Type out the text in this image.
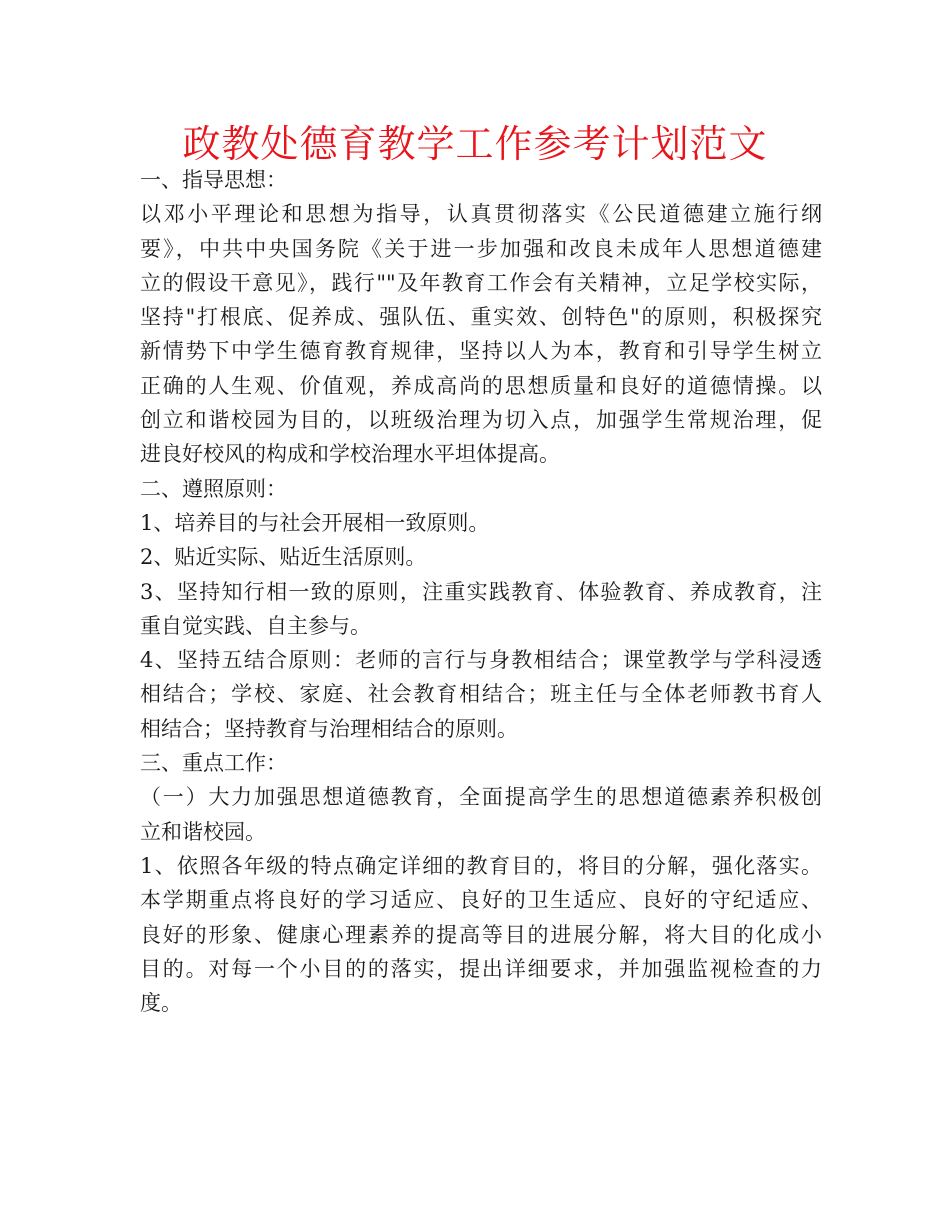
政教处德育教学工作参考计划范文
一、指导思想：
以邓小平理论和思想为指导，认真贯彻落实《公民道德建立施行纲
要》，中共中央国务院《关于进一步加强和改良未成年人思想道德建
立的假设干意见》，践行""及年教育工作会有关精神，立足学校实际，
坚持"打根底、促养成、强队伍、重实效、创特色"的原则，积极探究
新情势下中学生德育教育规律，坚持以人为本，教育和引导学生树立
正确的人生观、价值观，养成高尚的思想质量和良好的道德情操。以
创立和谐校园为目的，以班级治理为切入点，加强学生常规治理，促
进良好校风的构成和学校治理水平坦体提高。
二、遵照原则：
1、培养目的与社会开展相一致原则。
2、贴近实际、贴近生活原则。
3、坚持知行相一致的原则，注重实践教育、体验教育、养成教育，注
重自觉实践、自主参与。
4、坚持五结合原则：老师的言行与身教相结合；课堂教学与学科浸透
相结合；学校、家庭、社会教育相结合；班主任与全体老师教书育人
相结合；坚持教育与治理相结合的原则。
三、重点工作：
（一）大力加强思想道德教育，全面提高学生的思想道德素养积极创
立和谐校园。
1、依照各年级的特点确定详细的教育目的，将目的分解，强化落实。
本学期重点将良好的学习适应、良好的卫生适应、良好的守纪适应、
良好的形象、健康心理素养的提高等目的进展分解，将大目的化成小
目的。对每一个小目的的落实，提出详细要求，并加强监视检查的力
度。
